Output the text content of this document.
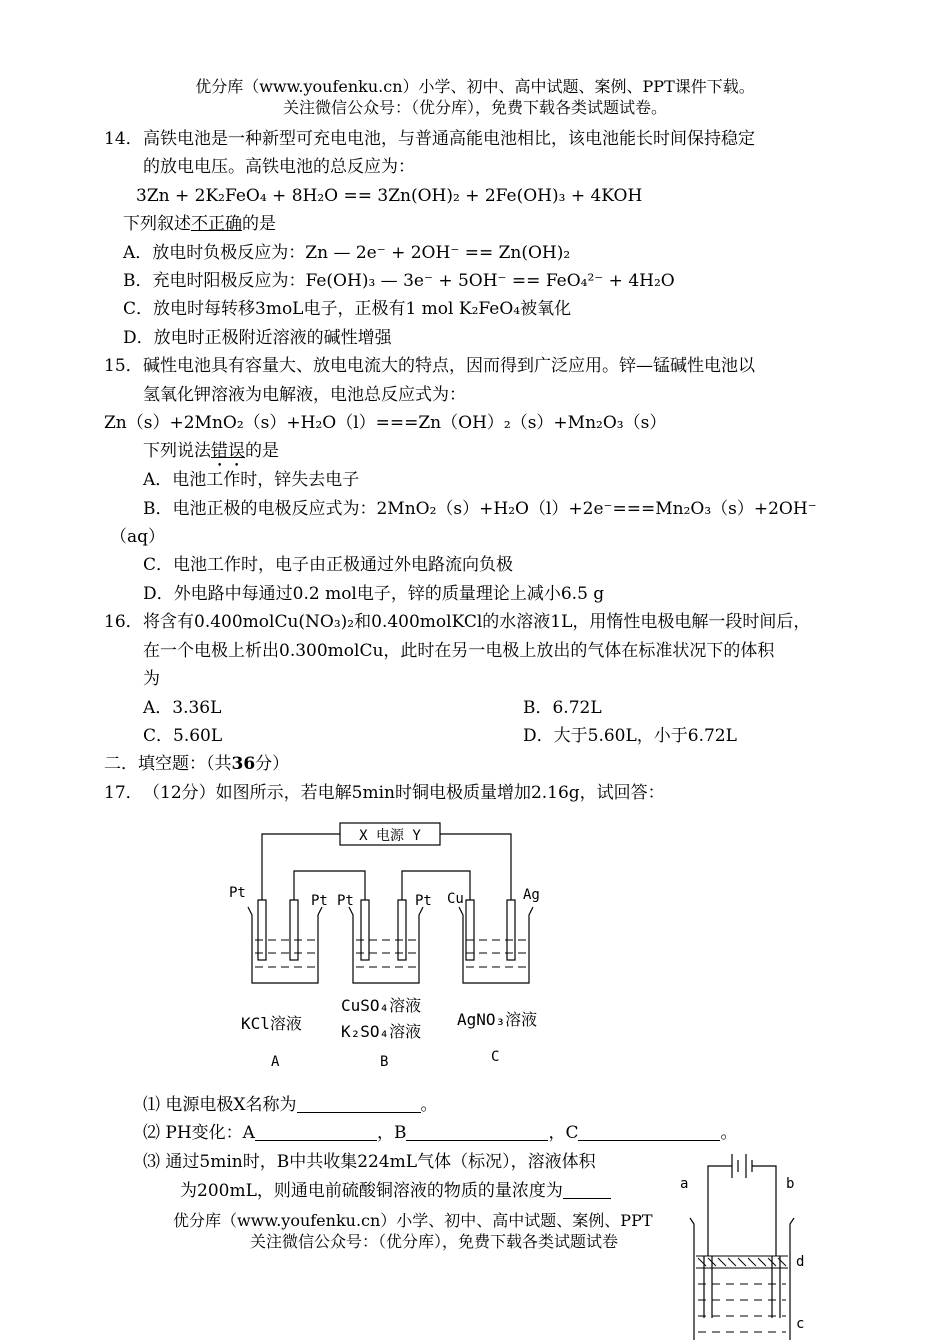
优分库（www.youfenku.cn）小学、初中、高中试题、案例、PPT课件下载。
关注微信公众号：（优分库），免费下载各类试题试卷。
14． 高铁电池是一种新型可充电电池，与普通高能电池相比，该电池能长时间保持稳定
的放电电压。高铁电池的总反应为：
3Zn + 2K₂FeO₄ + 8H₂O == 3Zn(OH)₂ + 2Fe(OH)₃ + 4KOH
下列叙述不正确的是
A．放电时负极反应为：Zn — 2e⁻ + 2OH⁻ == Zn(OH)₂
B．充电时阳极反应为：Fe(OH)₃ — 3e⁻ + 5OH⁻ == FeO₄²⁻ + 4H₂O
C．放电时每转移3moL电子，正极有1 mol K₂FeO₄被氧化
D．放电时正极附近溶液的碱性增强
15． 碱性电池具有容量大、放电电流大的特点，因而得到广泛应用。锌—锰碱性电池以
氢氧化钾溶液为电解液，电池总反应式为：
Zn（s）+2MnO₂（s）+H₂O（l）===Zn（OH）₂（s）+Mn₂O₃（s）
下列说法错误的是
A．电池工作时，锌失去电子
B．电池正极的电极反应式为：2MnO₂（s）+H₂O（l）+2e⁻===Mn₂O₃（s）+2OH⁻
（aq）
C．电池工作时，电子由正极通过外电路流向负极
D．外电路中每通过0.2 mol电子，锌的质量理论上减小6.5 g
16． 将含有0.400molCu(NO₃)₂和0.400molKCl的水溶液1L，用惰性电极电解一段时间后，
在一个电极上析出0.300molCu，此时在另一电极上放出的气体在标准状况下的体积
为
A．3.36L	B．6.72L
C．5.60L	D．大于5.60L，小于6.72L
二．填空题：（共36分）
17． （12分）如图所示，若电解5min时铜电极质量增加2.16g，试回答：
X 电源 Y
Pt	Pt Pt	Pt Cu	Ag
KCl溶液
CuSO₄溶液
K₂SO₄溶液
AgNO₃溶液
A	B	C
⑴ 电源电极X名称为	。
⑵ PH变化：A	，B	，C	。
⑶ 通过5min时，B中共收集224mL气体（标况），溶液体积
为200mL，则通电前硫酸铜溶液的物质的量浓度为
优分库（www.youfenku.cn）小学、初中、高中试题、案例、PPT
关注微信公众号：（优分库），免费下载各类试题试卷
a	b
c
d
